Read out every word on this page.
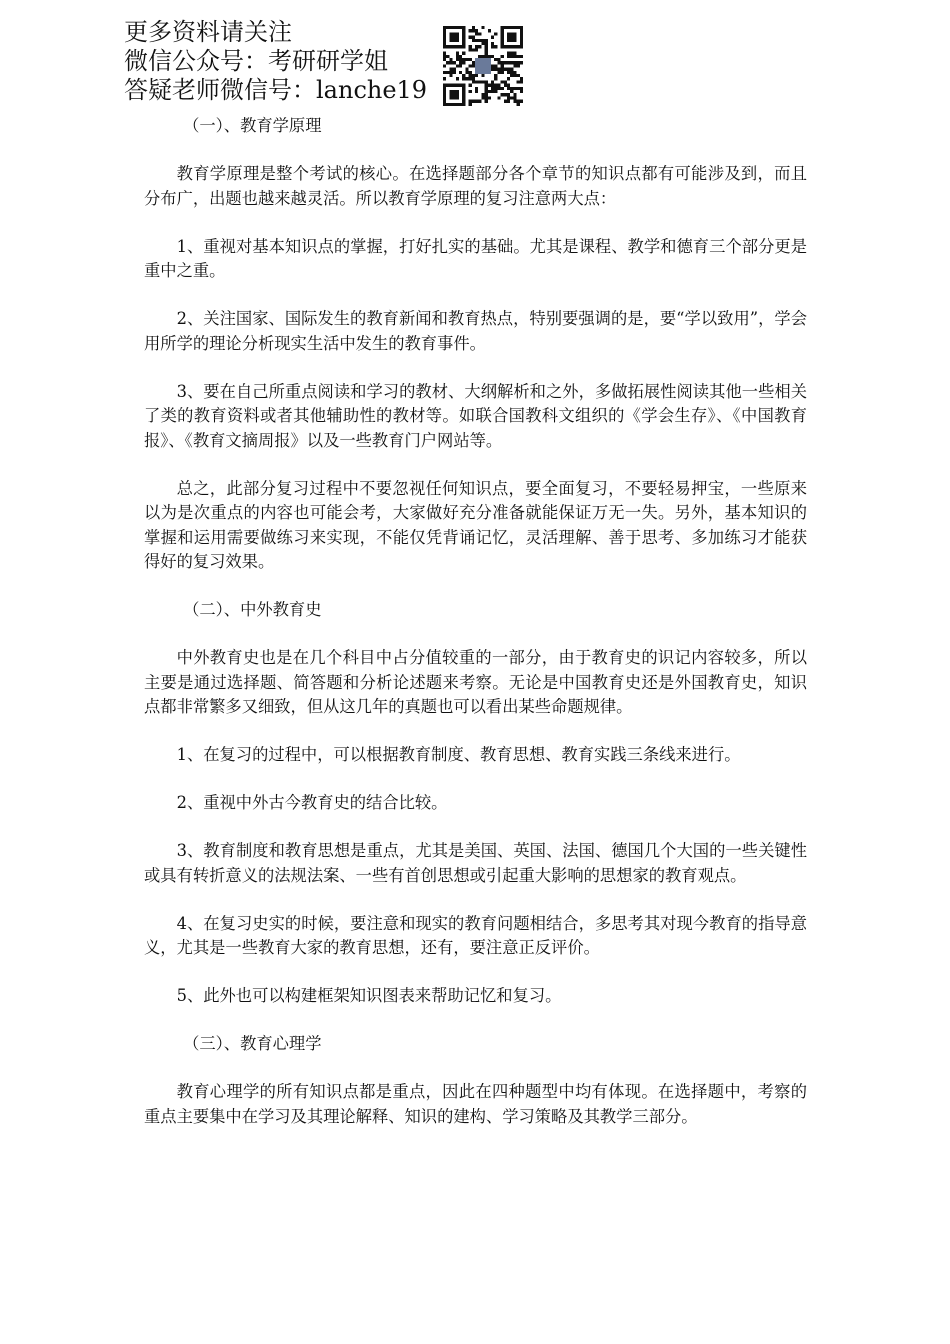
更多资料请关注
微信公众号：考研研学姐
答疑老师微信号：lanche19

（一）、教育学原理

教育学原理是整个考试的核心。在选择题部分各个章节的知识点都有可能涉及到，而且分布广，出题也越来越灵活。所以教育学原理的复习注意两大点：

1、重视对基本知识点的掌握，打好扎实的基础。尤其是课程、教学和德育三个部分更是重中之重。

2、关注国家、国际发生的教育新闻和教育热点，特别要强调的是，要“学以致用”，学会用所学的理论分析现实生活中发生的教育事件。

3、要在自己所重点阅读和学习的教材、大纲解析和之外，多做拓展性阅读其他一些相关了类的教育资料或者其他辅助性的教材等。如联合国教科文组织的《学会生存》、《中国教育报》、《教育文摘周报》以及一些教育门户网站等。

总之，此部分复习过程中不要忽视任何知识点，要全面复习，不要轻易押宝，一些原来以为是次重点的内容也可能会考，大家做好充分准备就能保证万无一失。另外，基本知识的掌握和运用需要做练习来实现，不能仅凭背诵记忆，灵活理解、善于思考、多加练习才能获得好的复习效果。

（二）、中外教育史

中外教育史也是在几个科目中占分值较重的一部分，由于教育史的识记内容较多，所以主要是通过选择题、简答题和分析论述题来考察。无论是中国教育史还是外国教育史，知识点都非常繁多又细致，但从这几年的真题也可以看出某些命题规律。

1、在复习的过程中，可以根据教育制度、教育思想、教育实践三条线来进行。

2、重视中外古今教育史的结合比较。

3、教育制度和教育思想是重点，尤其是美国、英国、法国、德国几个大国的一些关键性或具有转折意义的法规法案、一些有首创思想或引起重大影响的思想家的教育观点。

4、在复习史实的时候，要注意和现实的教育问题相结合，多思考其对现今教育的指导意义，尤其是一些教育大家的教育思想，还有，要注意正反评价。

5、此外也可以构建框架知识图表来帮助记忆和复习。

（三）、教育心理学

教育心理学的所有知识点都是重点，因此在四种题型中均有体现。在选择题中，考察的重点主要集中在学习及其理论解释、知识的建构、学习策略及其教学三部分。
